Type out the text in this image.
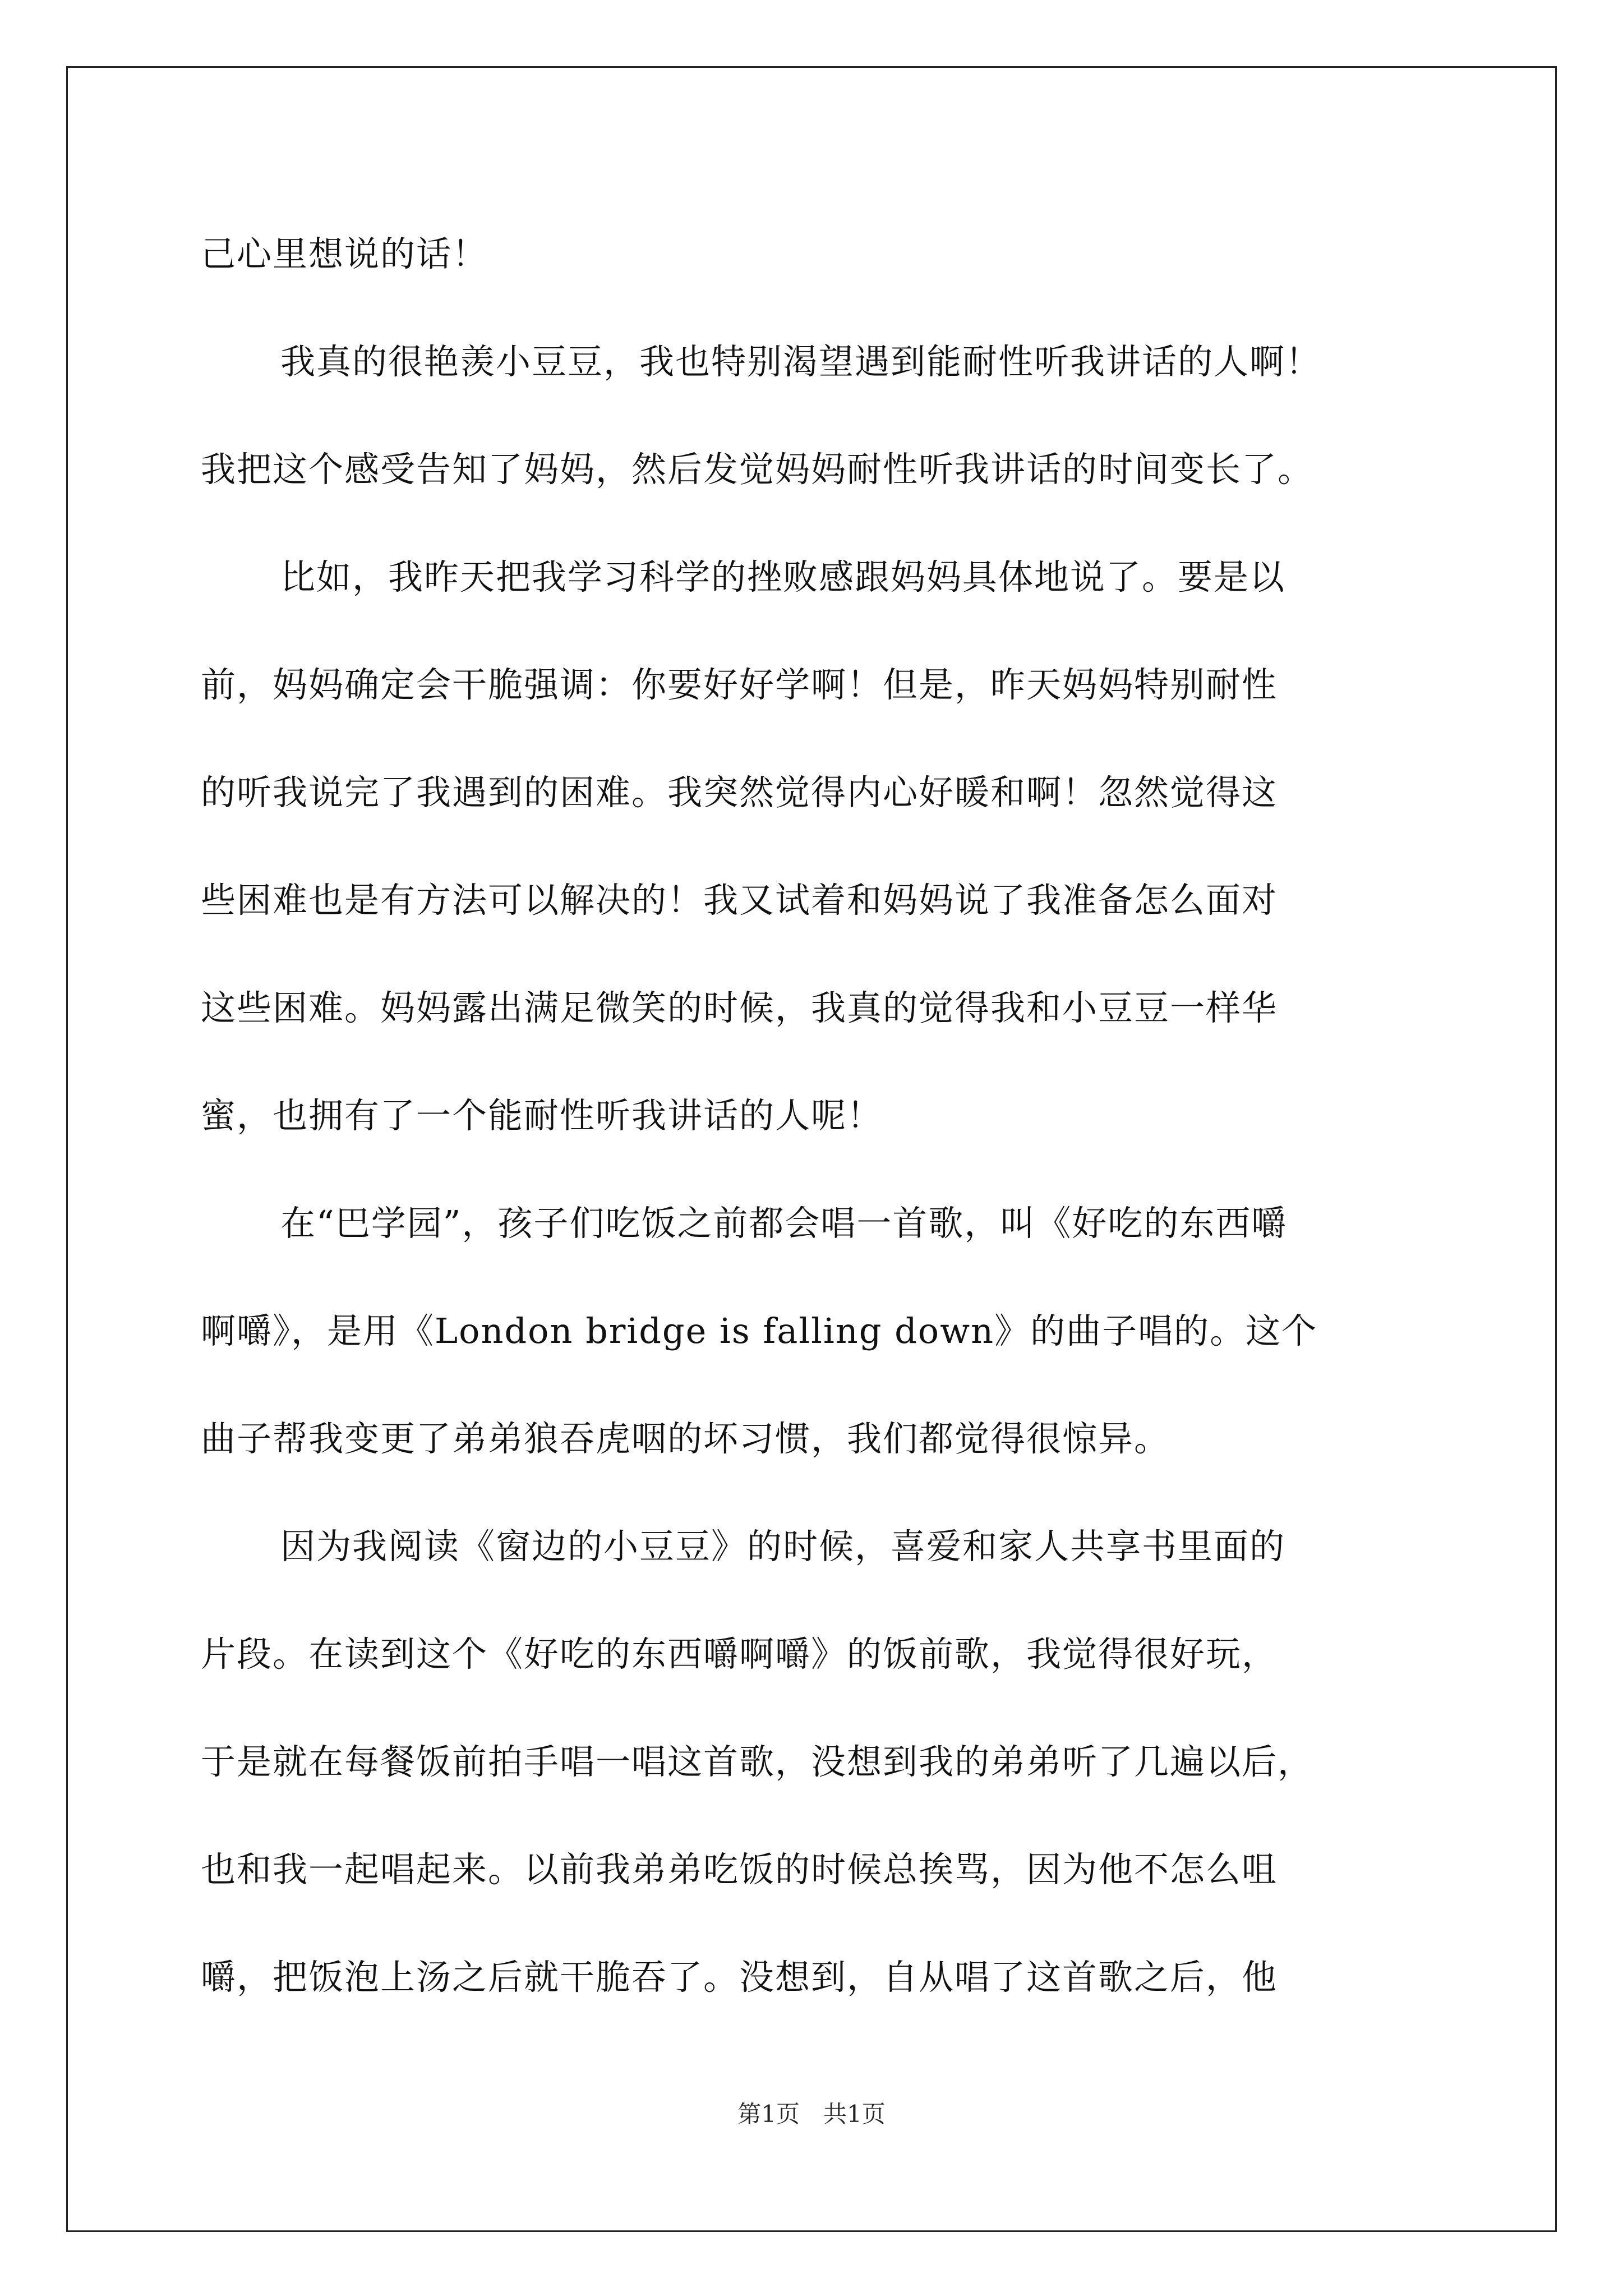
己心里想说的话！
我真的很艳羡小豆豆，我也特别渴望遇到能耐性听我讲话的人啊！
我把这个感受告知了妈妈，然后发觉妈妈耐性听我讲话的时间变长了。
比如，我昨天把我学习科学的挫败感跟妈妈具体地说了。要是以
前，妈妈确定会干脆强调：你要好好学啊！但是，昨天妈妈特别耐性
的听我说完了我遇到的困难。我突然觉得内心好暖和啊！忽然觉得这
些困难也是有方法可以解决的！我又试着和妈妈说了我准备怎么面对
这些困难。妈妈露出满足微笑的时候，我真的觉得我和小豆豆一样华
蜜，也拥有了一个能耐性听我讲话的人呢！
在“巴学园”，孩子们吃饭之前都会唱一首歌，叫《好吃的东西嚼
啊嚼》，是用《London bridge is falling down》的曲子唱的。这个
曲子帮我变更了弟弟狼吞虎咽的坏习惯，我们都觉得很惊异。
因为我阅读《窗边的小豆豆》的时候，喜爱和家人共享书里面的
片段。在读到这个《好吃的东西嚼啊嚼》的饭前歌，我觉得很好玩，
于是就在每餐饭前拍手唱一唱这首歌，没想到我的弟弟听了几遍以后，
也和我一起唱起来。以前我弟弟吃饭的时候总挨骂，因为他不怎么咀
嚼，把饭泡上汤之后就干脆吞了。没想到，自从唱了这首歌之后，他
第1页　共1页
